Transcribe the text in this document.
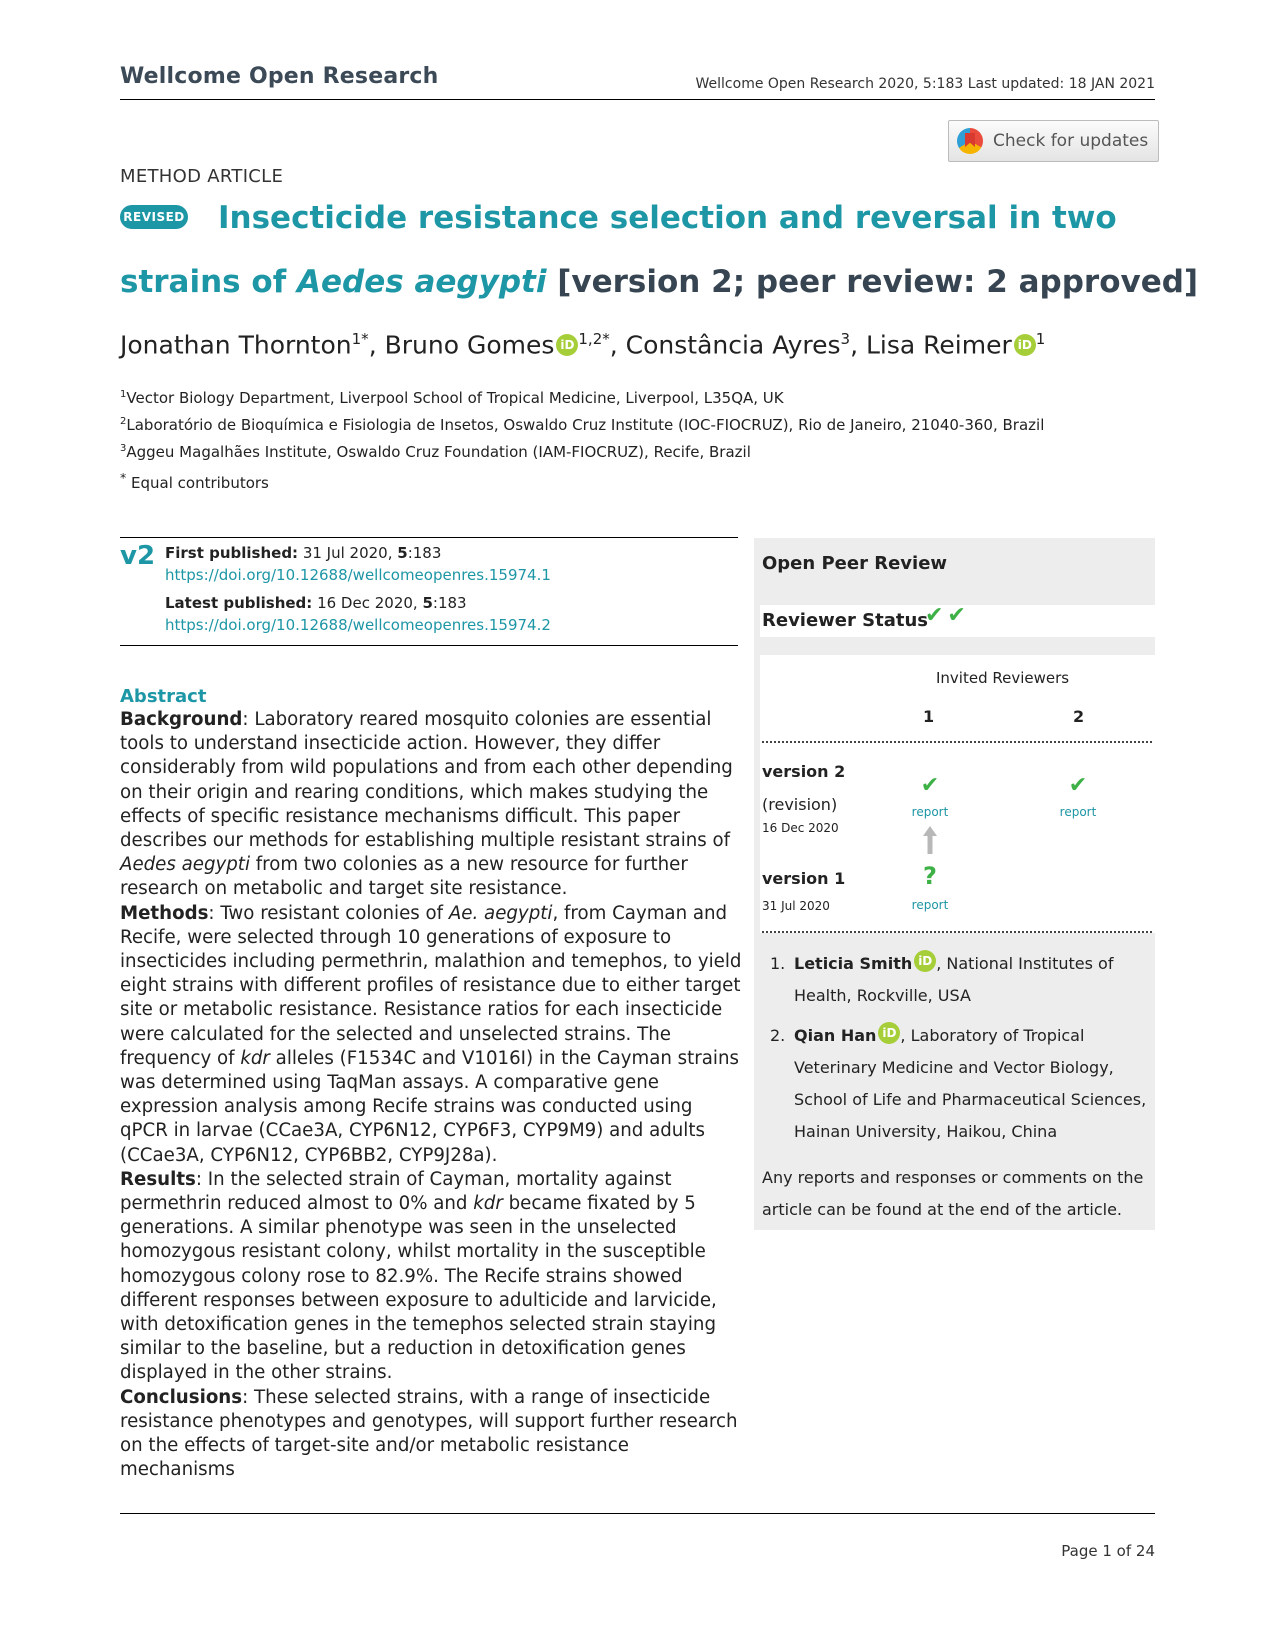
Wellcome Open Research	Wellcome Open Research 2020, 5:183 Last updated: 18 JAN 2021
Check for updates
METHOD ARTICLE
REVISED Insecticide resistance selection and reversal in two
strains of Aedes aegypti [version 2; peer review: 2 approved]
Jonathan Thornton$^{1*}$, Bruno Gomes iD $^{1,2*}$, Constância Ayres$^3$, Lisa Reimer iD $^1$
$^1$Vector Biology Department, Liverpool School of Tropical Medicine, Liverpool, L35QA, UK
$^2$Laboratório de Bioquímica e Fisiologia de Insetos, Oswaldo Cruz Institute (IOC-FIOCRUZ), Rio de Janeiro, 21040-360, Brazil
$^3$Aggeu Magalhães Institute, Oswaldo Cruz Foundation (IAM-FIOCRUZ), Recife, Brazil
* Equal contributors
v2 First published: 31 Jul 2020, 5:183
https://doi.org/10.12688/wellcomeopenres.15974.1
Latest published: 16 Dec 2020, 5:183
https://doi.org/10.12688/wellcomeopenres.15974.2
Abstract

Background: Laboratory reared mosquito colonies are essential tools to understand insecticide action. However, they differ considerably from wild populations and from each other depending on their origin and rearing conditions, which makes studying the effects of specific resistance mechanisms difficult. This paper describes our methods for establishing multiple resistant strains of Aedes aegypti from two colonies as a new resource for further research on metabolic and target site resistance.

Methods: Two resistant colonies of Ae. aegypti, from Cayman and Recife, were selected through 10 generations of exposure to insecticides including permethrin, malathion and temephos, to yield eight strains with different profiles of resistance due to either target site or metabolic resistance. Resistance ratios for each insecticide were calculated for the selected and unselected strains. The frequency of kdr alleles (F1534C and V1016I) in the Cayman strains was determined using TaqMan assays. A comparative gene expression analysis among Recife strains was conducted using qPCR in larvae (CCae3A, CYP6N12, CYP6F3, CYP9M9) and adults (CCae3A, CYP6N12, CYP6BB2, CYP9J28a).

Results: In the selected strain of Cayman, mortality against permethrin reduced almost to 0% and kdr became fixated by 5 generations. A similar phenotype was seen in the unselected homozygous resistant colony, whilst mortality in the susceptible homozygous colony rose to 82.9%. The Recife strains showed different responses between exposure to adulticide and larvicide, with detoxification genes in the temephos selected strain staying similar to the baseline, but a reduction in detoxification genes displayed in the other strains.

Conclusions: These selected strains, with a range of insecticide resistance phenotypes and genotypes, will support further research on the effects of target-site and/or metabolic resistance mechanisms

Open Peer Review
Reviewer Status
✔✔
Invited Reviewers
1	2
version 2
(revision)
16 Dec 2020
✔
report
✔
report
version 1
31 Jul 2020
?
report
1. Leticia Smith iD , National Institutes of Health, Rockville, USA
2. Qian Han iD , Laboratory of Tropical Veterinary Medicine and Vector Biology, School of Life and Pharmaceutical Sciences, Hainan University, Haikou, China
Any reports and responses or comments on the article can be found at the end of the article.
Page 1 of 24
